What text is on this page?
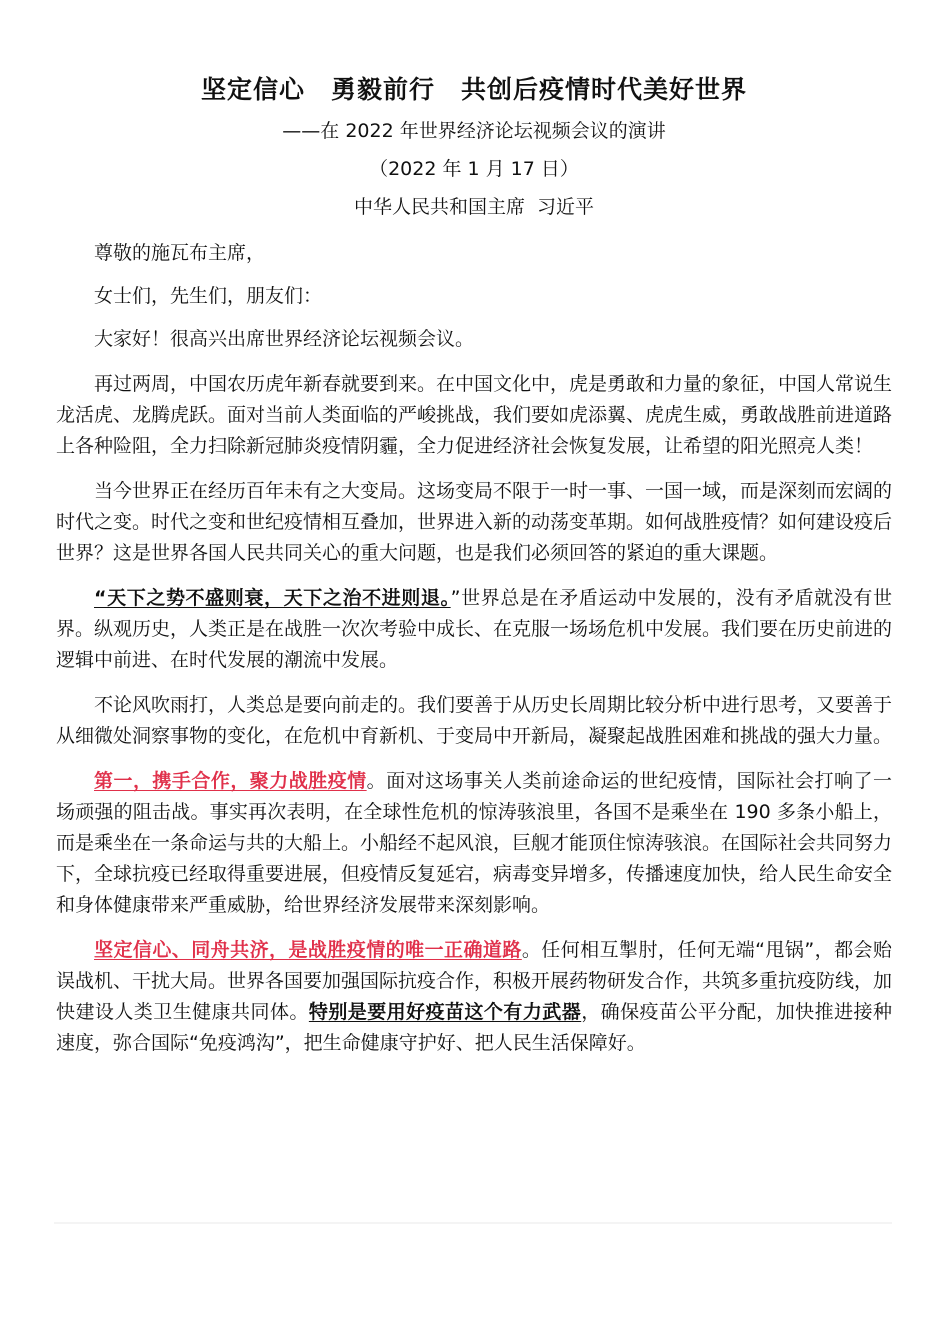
坚定信心　勇毅前行　共创后疫情时代美好世界

——在 2022 年世界经济论坛视频会议的演讲

（2022 年 1 月 17 日）

中华人民共和国主席  习近平

尊敬的施瓦布主席，

女士们，先生们，朋友们：

大家好！很高兴出席世界经济论坛视频会议。

再过两周，中国农历虎年新春就要到来。在中国文化中，虎是勇敢和力量的象征，中国人常说生龙活虎、龙腾虎跃。面对当前人类面临的严峻挑战，我们要如虎添翼、虎虎生威，勇敢战胜前进道路上各种险阻，全力扫除新冠肺炎疫情阴霾，全力促进经济社会恢复发展，让希望的阳光照亮人类！

当今世界正在经历百年未有之大变局。这场变局不限于一时一事、一国一域，而是深刻而宏阔的时代之变。时代之变和世纪疫情相互叠加，世界进入新的动荡变革期。如何战胜疫情？如何建设疫后世界？这是世界各国人民共同关心的重大问题，也是我们必须回答的紧迫的重大课题。

“天下之势不盛则衰，天下之治不进则退。”世界总是在矛盾运动中发展的，没有矛盾就没有世界。纵观历史，人类正是在战胜一次次考验中成长、在克服一场场危机中发展。我们要在历史前进的逻辑中前进、在时代发展的潮流中发展。

不论风吹雨打，人类总是要向前走的。我们要善于从历史长周期比较分析中进行思考，又要善于从细微处洞察事物的变化，在危机中育新机、于变局中开新局，凝聚起战胜困难和挑战的强大力量。

第一，携手合作，聚力战胜疫情。面对这场事关人类前途命运的世纪疫情，国际社会打响了一场顽强的阻击战。事实再次表明，在全球性危机的惊涛骇浪里，各国不是乘坐在 190 多条小船上，而是乘坐在一条命运与共的大船上。小船经不起风浪，巨舰才能顶住惊涛骇浪。在国际社会共同努力下，全球抗疫已经取得重要进展，但疫情反复延宕，病毒变异增多，传播速度加快，给人民生命安全和身体健康带来严重威胁，给世界经济发展带来深刻影响。

坚定信心、同舟共济，是战胜疫情的唯一正确道路。任何相互掣肘，任何无端“甩锅”，都会贻误战机、干扰大局。世界各国要加强国际抗疫合作，积极开展药物研发合作，共筑多重抗疫防线，加快建设人类卫生健康共同体。特别是要用好疫苗这个有力武器，确保疫苗公平分配，加快推进接种速度，弥合国际“免疫鸿沟”，把生命健康守护好、把人民生活保障好。
